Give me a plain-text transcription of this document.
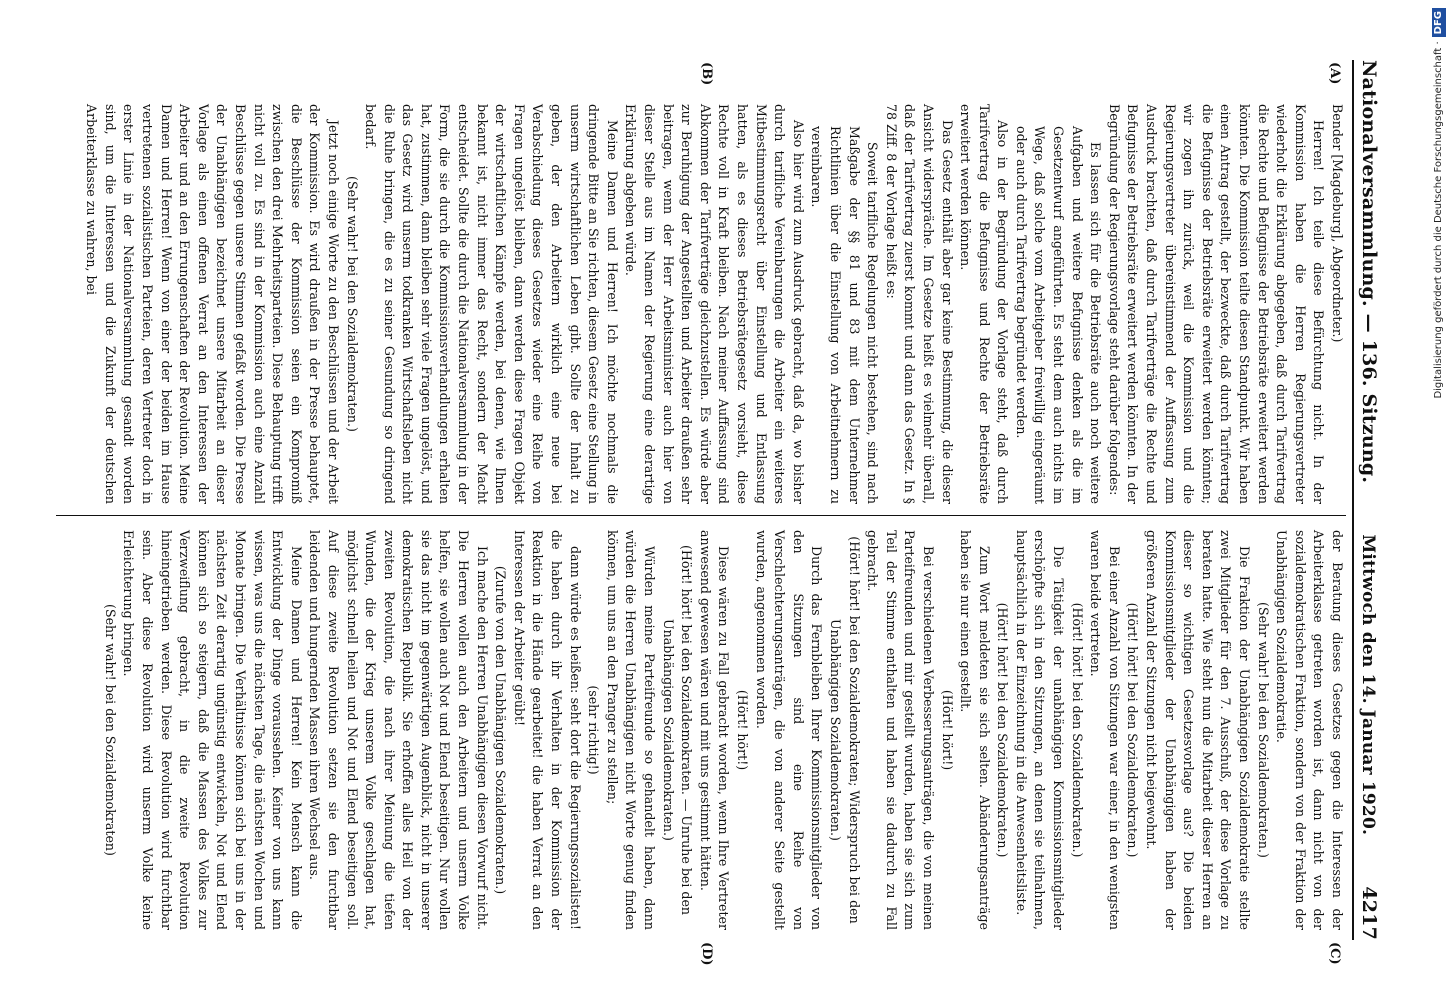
Nationalversammlung. — 136. Sitzung.
Mittwoch den 14. Januar 1920.
4217
(A)
(B)
(C)
(D)

Bender [Magdeburg], Abgeordneter.)

Herren! Ich teile diese Befürchtung nicht. In der Kommission haben die Herren Regierungsvertreter wiederholt die Erklärung abgegeben, daß durch Tarifvertrag die Rechte und Befugnisse der Betriebsräte erweitert werden könnten. Die Kommission teilte diesen Standpunkt. Wir haben einen Antrag gestellt, der bezweckte, daß durch Tarifvertrag die Befugnisse der Betriebsräte erweitert werden könnten; wir zogen ihn zurück, weil die Kommission und die Regierungsvertreter übereinstimmend der Auffassung zum Ausdruck brachten, daß durch Tarifverträge die Rechte und Befugnisse der Betriebsräte erweitert werden könnten. In der Begründung der Regierungsvorlage steht darüber folgendes:

Es lassen sich für die Betriebsräte auch noch weitere Aufgaben und weitere Befugnisse denken als die im Gesetzentwurf angeführten. Es steht dem auch nichts im Wege, daß solche vom Arbeitgeber freiwillig eingeräumt oder auch durch Tarifvertrag begründet werden.

Also in der Begründung der Vorlage steht, daß durch Tarifvertrag die Befugnisse und Rechte der Betriebsräte erweitert werden können.

Das Gesetz enthält aber gar keine Bestimmung, die dieser Ansicht widerspräche. Im Gesetze heißt es vielmehr überall, daß der Tarifvertrag zuerst kommt und dann das Gesetz. In § 78 Ziff. 8 der Vorlage heißt es:

Soweit tarifliche Regelungen nicht bestehen, sind nach Maßgabe der §§ 81 und 83 mit dem Unternehmer Richtlinien über die Einstellung von Arbeitnehmern zu vereinbaren.

Also hier wird zum Ausdruck gebracht, daß da, wo bisher durch tarifliche Vereinbarungen die Arbeiter ein weiteres Mitbestimmungsrecht über Einstellung und Entlassung hatten, als es dieses Betriebsrätegesetz vorsieht, diese Rechte voll in Kraft bleiben. Nach meiner Auffassung sind Abkommen der Tarifverträge gleichzustellen. Es würde aber zur Beruhigung der Angestellten und Arbeiter draußen sehr beitragen, wenn der Herr Arbeitsminister auch hier von dieser Stelle aus im Namen der Regierung eine derartige Erklärung abgeben würde.

Meine Damen und Herren! Ich möchte nochmals die dringende Bitte an Sie richten, diesem Gesetz eine Stellung in unserm wirtschaftlichen Leben gibt. Sollte der Inhalt zu geben, der den Arbeitern wirklich eine neue bei Verabschiedung dieses Gesetzes wieder eine Reihe von Fragen ungelöst bleiben, dann werden diese Fragen Objekt der wirtschaftlichen Kämpfe werden, bei denen, wie Ihnen bekannt ist, nicht immer das Recht, sondern der Macht entscheidet. Sollte die durch die Nationalversammlung in der Form, die sie durch die Kommissionsverhandlungen erhalten hat, zustimmen, dann bleiben sehr viele Fragen ungelöst, und das Gesetz wird unserm todkranken Wirtschaftsleben nicht die Ruhe bringen, die es zu seiner Gesundung so dringend bedarf.

(Sehr wahr! bei den Sozialdemokraten.)

Jetzt noch einige Worte zu den Beschlüssen und der Arbeit der Kommission. Es wird draußen in der Presse behauptet, die Beschlüsse der Kommission seien ein Kompromiß zwischen den drei Mehrheitsparteien. Diese Behauptung trifft nicht voll zu. Es sind in der Kommission auch eine Anzahl Beschlüsse gegen unsere Stimmen gefaßt worden. Die Presse der Unabhängigen bezeichnet unsere Mitarbeit an dieser Vorlage als einen offenen Verrat an den Interessen der Arbeiter und an den Errungenschaften der Revolution. Meine Damen und Herren! Wenn von einer der beiden im Hause vertretenen sozialistischen Parteien, deren Vertreter doch in erster Linie in der Nationalversammlung gesandt worden sind, um die Interessen und die Zukunft der deutschen Arbeiterklasse zu wahren, bei

der Beratung dieses Gesetzes gegen die Interessen der Arbeiterklasse getreten worden ist, dann nicht von der sozialdemokratischen Fraktion, sondern von der Fraktion der Unabhängigen Sozialdemokratie.

(Sehr wahr! bei den Sozialdemokraten.)

Die Fraktion der Unabhängigen Sozialdemokratie stellte zwei Mitglieder für den 7. Ausschuß, der diese Vorlage zu beraten hatte. Wie steht nun die Mitarbeit dieser Herren an dieser so wichtigen Gesetzesvorlage aus? Die beiden Kommissionsmitglieder der Unabhängigen haben der größeren Anzahl der Sitzungen nicht beigewohnt.

(Hört! hört! bei den Sozialdemokraten.)

Bei einer Anzahl von Sitzungen war einer, in den wenigsten waren beide vertreten.

(Hört! hört! bei den Sozialdemokraten.)

Die Tätigkeit der unabhängigen Kommissionsmitglieder erschöpfte sich in den Sitzungen, an denen sie teilnahmen, hauptsächlich in der Einzeichnung in die Anwesenheitsliste.

(Hört! hört! bei den Sozialdemokraten.)

Zum Wort meldeten sie sich selten. Abänderungsanträge haben sie nur einen gestellt.

(Hört! hört!)

Bei verschiedenen Verbesserungsanträgen, die von meinen Parteifreunden und mir gestellt wurden, haben sie sich zum Teil der Stimme enthalten und haben sie dadurch zu Fall gebracht.

(Hört! hört! bei den Sozialdemokraten; Widerspruch bei den Unabhängigen Sozialdemokraten.)

Durch das Fernbleiben Ihrer Kommissionsmitglieder von den Sitzungen sind eine Reihe von Verschlechterungsanträgen, die von anderer Seite gestellt wurden, angenommen worden.

(Hört! hört!)

Diese wären zu Fall gebracht worden, wenn Ihre Vertreter anwesend gewesen wären und mit uns gestimmt hätten.

(Hört! hört! bei den Sozialdemokraten. — Unruhe bei den Unabhängigen Sozialdemokraten.)

Würden meine Parteifreunde so gehandelt haben, dann würden die Herren Unabhängigen nicht Worte genug finden können, um uns an den Pranger zu stellen;

(sehr richtig!)

dann würde es heißen: seht dort die Regierungssozialisten! die haben durch ihr Verhalten in der Kommission der Reaktion in die Hände gearbeitet! die haben Verrat an den Interessen der Arbeiter geübt!

(Zurufe von den Unabhängigen Sozialdemokraten.)

Ich mache den Herren Unabhängigen diesen Vorwurf nicht. Die Herren wollen auch den Arbeitern und unserm Volke helfen, sie wollen auch Not und Elend beseitigen. Nur wollen sie das nicht im gegenwärtigen Augenblick, nicht in unserer demokratischen Republik. Sie erhoffen alles Heil von der zweiten Revolution, die nach ihrer Meinung die tiefen Wunden, die der Krieg unserem Volke geschlagen hat, möglichst schnell heilen und Not und Elend beseitigen soll. Auf diese zweite Revolution setzen sie den furchtbar leidenden und hungernden Massen ihren Wechsel aus.

Meine Damen und Herren! Kein Mensch kann die Entwicklung der Dinge voraussehen. Keiner von uns kann wissen, was uns die nächsten Tage, die nächsten Wochen und Monate bringen. Die Verhältnisse können sich bei uns in der nächsten Zeit derartig ungünstig entwickeln, Not und Elend können sich so steigern, daß die Massen des Volkes zur Verzweiflung gebracht, in die zweite Revolution hineingetrieben werden. Diese Revolution wird furchtbar sein. Aber diese Revolution wird unserm Volke keine Erleichterung bringen.

(Sehr wahr! bei den Sozialdemokraten)

Digitalisierung gefördert durch die Deutsche Forschungsgemeinschaft ·DFG
